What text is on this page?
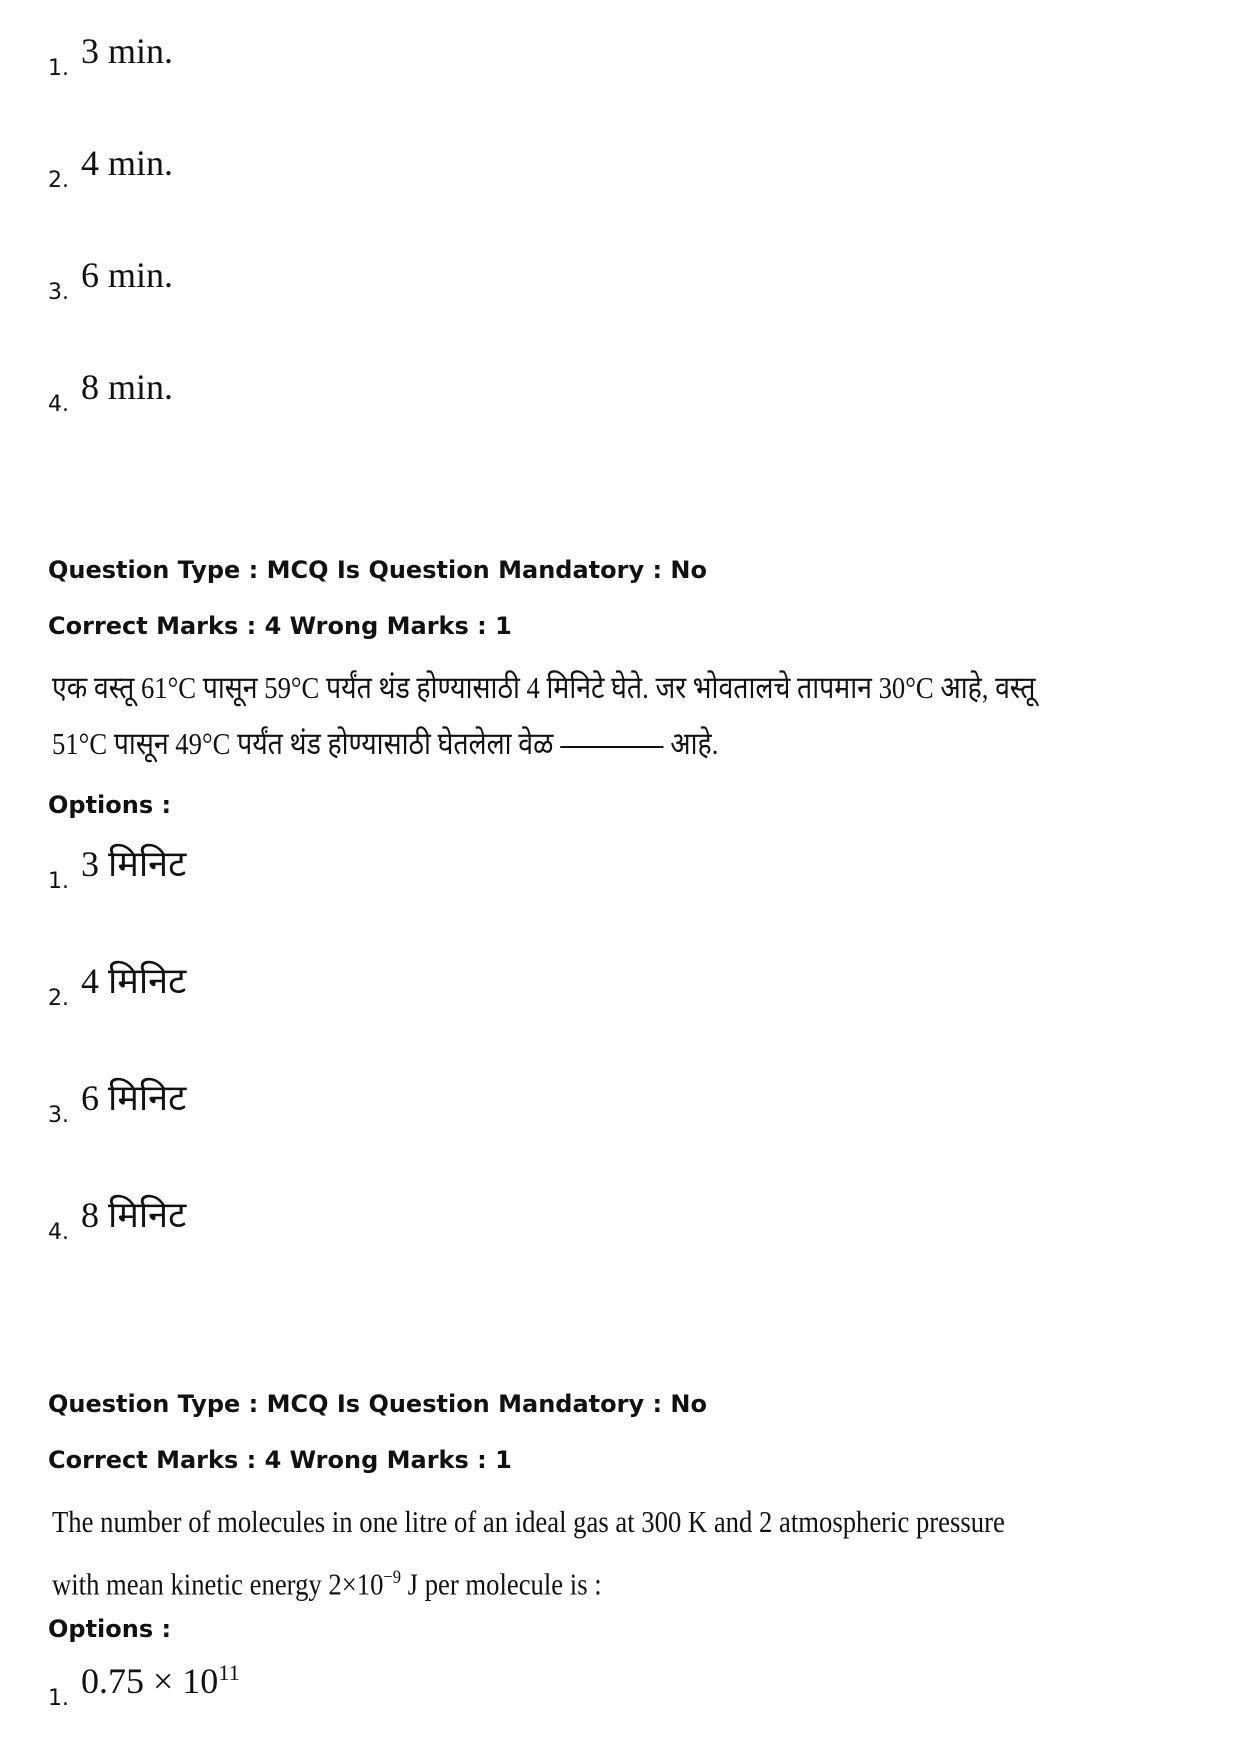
1. 3 min.
2. 4 min.
3. 6 min.
4. 8 min.
Question Type : MCQ Is Question Mandatory : No
Correct Marks : 4 Wrong Marks : 1
एक वस्तू 61°C पासून 59°C पर्यंत थंड होण्यासाठी 4 मिनिटे घेते. जर भोवतालचे तापमान 30°C आहे, वस्तू
51°C पासून 49°C पर्यंत थंड होण्यासाठी घेतलेला वेळ	आहे.
Options :
1. 3 मिनिट
2. 4 मिनिट
3. 6 मिनिट
4. 8 मिनिट
Question Type : MCQ Is Question Mandatory : No
Correct Marks : 4 Wrong Marks : 1
The number of molecules in one litre of an ideal gas at 300 K and 2 atmospheric pressure
with mean kinetic energy $2\times 10^{-9}$ J per molecule is :
Options :
1. $0.75 \times 10^{11}$
